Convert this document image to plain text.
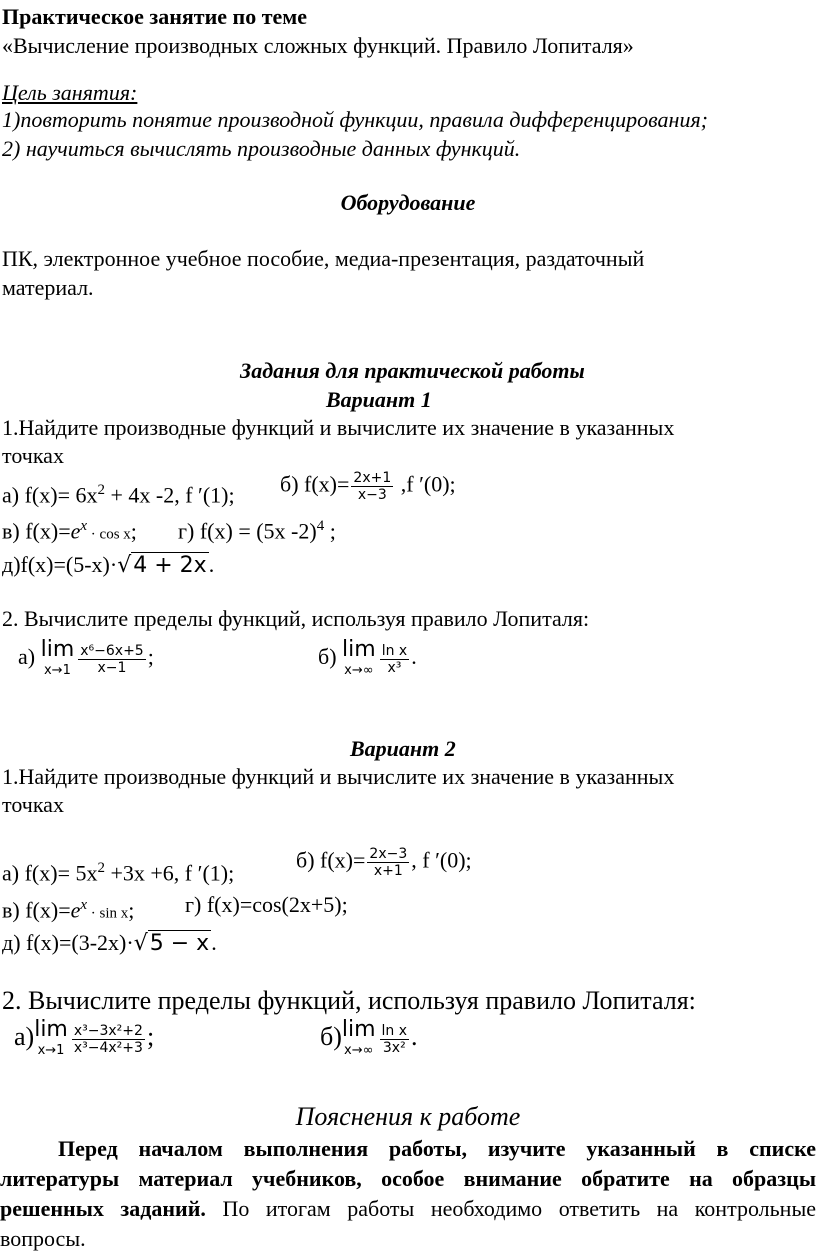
Практическое занятие по теме
«Вычисление производных сложных функций. Правило Лопиталя»
Цель занятия:
1)повторить понятие производной функции, правила дифференцирования;
2) научиться вычислять производные данных функций.
Оборудование
ПК, электронное учебное пособие, медиа-презентация, раздаточный
материал.
Задания для практической работы
Вариант 1
1.Найдите производные функций и вычислите их значение в указанных
точках
а) $f(x)= 6x^2 + 4x$ -2, f ′(1); б) $f(x)= \frac{2x+1}{x-3} ,f$ ′(0);
в) $f(x)=e^x \cdot \cos x$; г) f(x) = (5x -2)$^4$ ;
д)f(x)=(5-x)·√4 + 2x.
2. Вычислите пределы функций, используя правило Лопиталя:
а) lim
$x\to 1 \frac{\text{x⁶−6x+5}}{x-1}$ ;	б) lim
$x\to\infty \frac{\text{ln x}}{\text{x³}}$ .
Вариант 2
1.Найдите производные функций и вычислите их значение в указанных
точках
а) $f(x)= 5x^2 +3x +6$, f ′(1);
б) $f(x)= \frac{2x-3}{x+1}$ , f ′(0);
в) $f(x)=e^x \cdot \sin x$; г) f(x)=cos(2x+5);
д) f(x)=(3-2x)·√5 − x.
2. Вычислите пределы функций, используя правило Лопиталя:
а) lim
$x\to 1 \frac{\text{x³−3x²+2}}{\text{x³−4x²+3}}$ ;	б) lim
$x\to\infty \frac{\text{ln x}}{\text{3x²}}$ .
Пояснения к работе
Перед началом выполнения работы, изучите указанный в списке литературы материал учебников, особое внимание обратите на образцы решенных заданий. По итогам работы необходимо ответить на контрольные вопросы.
